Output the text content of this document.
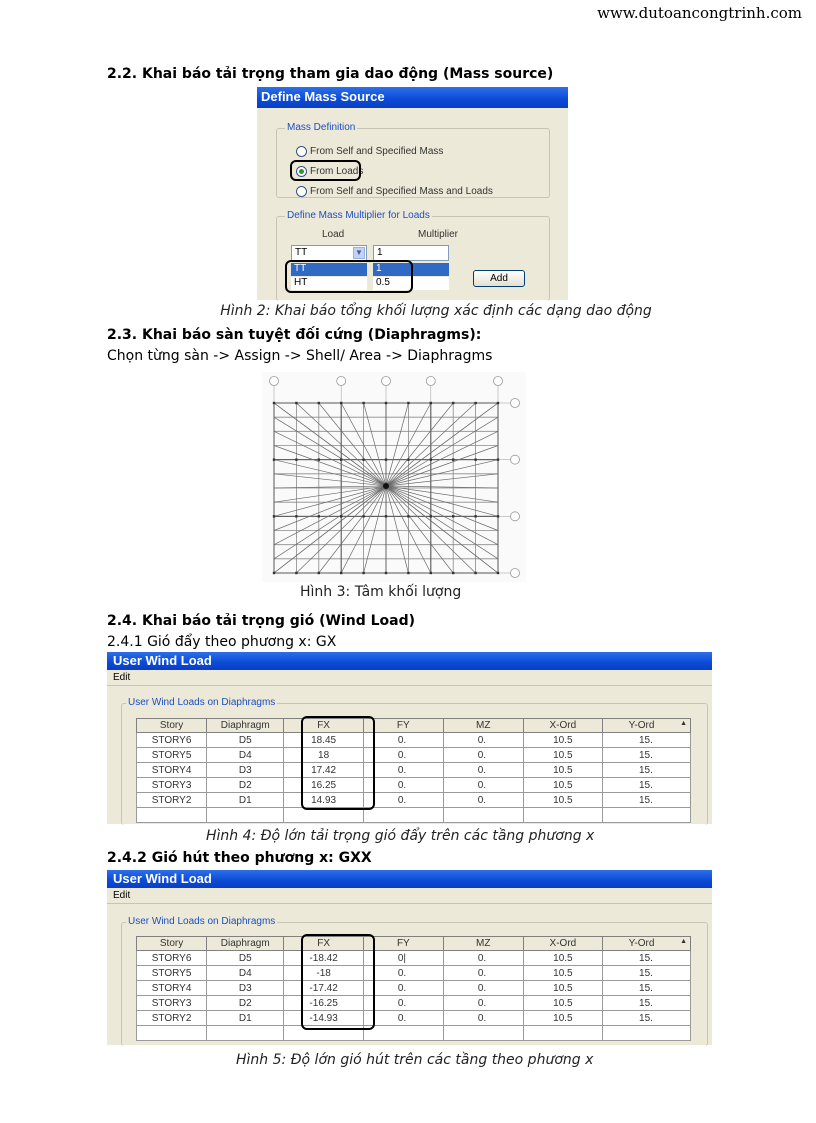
www.dutoancongtrinh.com
2.2. Khai báo tải trọng tham gia dao động (Mass source)
Define Mass Source
Mass Definition
From Self and Specified Mass
From Loads
From Self and Specified Mass and Loads
Define Mass Multiplier for Loads
Load	Multiplier
TT	▼	1
TT	1
HT	0.5	Add
Hình 2: Khai báo tổng khối lượng xác định các dạng dao động
2.3. Khai báo sàn tuyệt đối cứng (Diaphragms):
Chọn từng sàn -> Assign -> Shell/ Area -> Diaphragms
Hình 3: Tâm khối lượng
2.4. Khai báo tải trọng gió (Wind Load)
2.4.1 Gió đẩy theo phương x: GX
User Wind Load
Edit
User Wind Loads on Diaphragms
Story	Diaphragm	FX	FY	MZ	X-Ord	Y-Ord ▲

STORY6	D5	18.45	0.	0.	10.5	15.
STORY5	D4	18	0.	0.	10.5	15.
STORY4	D3	17.42	0.	0.	10.5	15.
STORY3	D2	16.25	0.	0.	10.5	15.
STORY2	D1	14.93	0.	0.	10.5	15.

Hình 4: Độ lớn tải trọng gió đẩy trên các tầng phương x
2.4.2 Gió hút theo phương x: GXX
User Wind Load
Edit
User Wind Loads on Diaphragms
Story	Diaphragm	FX	FY	MZ	X-Ord	Y-Ord ▲

STORY6	D5	-18.42	0|	0.	10.5	15.
STORY5	D4	-18	0.	0.	10.5	15.
STORY4	D3	-17.42	0.	0.	10.5	15.
STORY3	D2	-16.25	0.	0.	10.5	15.
STORY2	D1	-14.93	0.	0.	10.5	15.

Hình 5: Độ lớn gió hút trên các tầng theo phương x
